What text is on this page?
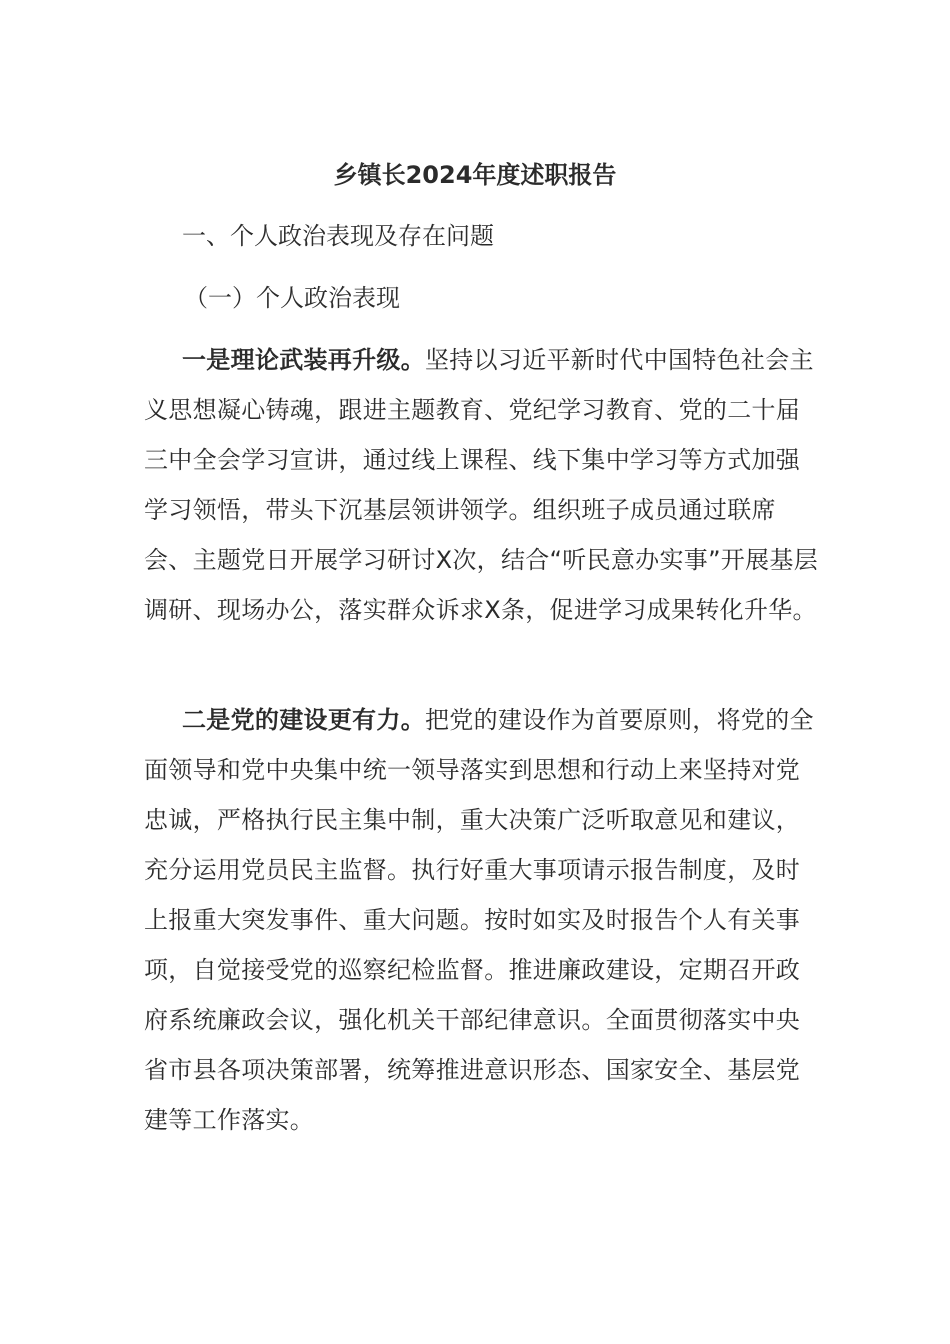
乡镇长2024年度述职报告

一、个人政治表现及存在问题

（一）个人政治表现

一是理论武装再升级。坚持以习近平新时代中国特色社会主义思想凝心铸魂，跟进主题教育、党纪学习教育、党的二十届三中全会学习宣讲，通过线上课程、线下集中学习等方式加强学习领悟，带头下沉基层领讲领学。组织班子成员通过联席会、主题党日开展学习研讨X次，结合“听民意办实事”开展基层调研、现场办公，落实群众诉求X条，促进学习成果转化升华。

二是党的建设更有力。把党的建设作为首要原则，将党的全面领导和党中央集中统一领导落实到思想和行动上来坚持对党忠诚，严格执行民主集中制，重大决策广泛听取意见和建议，充分运用党员民主监督。执行好重大事项请示报告制度，及时上报重大突发事件、重大问题。按时如实及时报告个人有关事项，自觉接受党的巡察纪检监督。推进廉政建设，定期召开政府系统廉政会议，强化机关干部纪律意识。全面贯彻落实中央省市县各项决策部署，统筹推进意识形态、国家安全、基层党建等工作落实。
